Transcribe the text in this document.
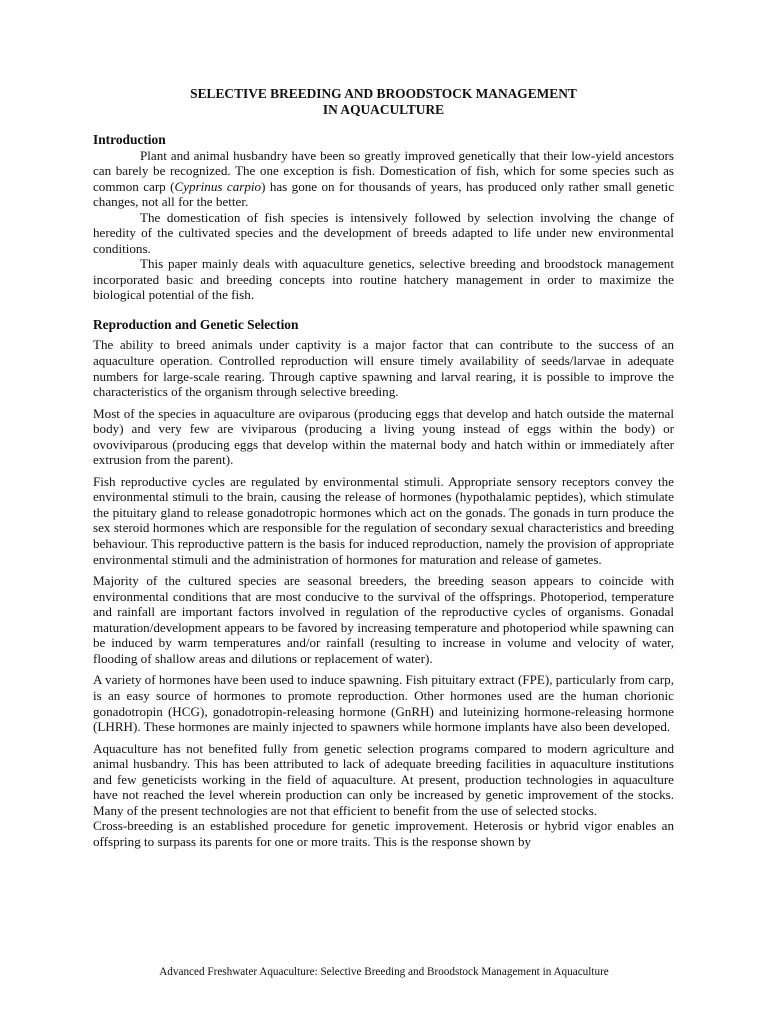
SELECTIVE BREEDING AND BROODSTOCK MANAGEMENT
IN AQUACULTURE
Introduction

Plant and animal husbandry have been so greatly improved genetically that their low-yield ancestors can barely be recognized. The one exception is fish. Domestication of fish, which for some species such as common carp (Cyprinus carpio) has gone on for thousands of years, has produced only rather small genetic changes, not all for the better.

The domestication of fish species is intensively followed by selection involving the change of heredity of the cultivated species and the development of breeds adapted to life under new environmental conditions.

This paper mainly deals with aquaculture genetics, selective breeding and broodstock management incorporated basic and breeding concepts into routine hatchery management in order to maximize the biological potential of the fish.

Reproduction and Genetic Selection

The ability to breed animals under captivity is a major factor that can contribute to the success of an aquaculture operation. Controlled reproduction will ensure timely availability of seeds/larvae in adequate numbers for large-scale rearing. Through captive spawning and larval rearing, it is possible to improve the characteristics of the organism through selective breeding.

Most of the species in aquaculture are oviparous (producing eggs that develop and hatch outside the maternal body) and very few are viviparous (producing a living young instead of eggs within the body) or ovoviviparous (producing eggs that develop within the maternal body and hatch within or immediately after extrusion from the parent).

Fish reproductive cycles are regulated by environmental stimuli. Appropriate sensory receptors convey the environmental stimuli to the brain, causing the release of hormones (hypothalamic peptides), which stimulate the pituitary gland to release gonadotropic hormones which act on the gonads. The gonads in turn produce the sex steroid hormones which are responsible for the regulation of secondary sexual characteristics and breeding behaviour. This reproductive pattern is the basis for induced reproduction, namely the provision of appropriate environmental stimuli and the administration of hormones for maturation and release of gametes.

Majority of the cultured species are seasonal breeders, the breeding season appears to coincide with environmental conditions that are most conducive to the survival of the offsprings. Photoperiod, temperature and rainfall are important factors involved in regulation of the reproductive cycles of organisms. Gonadal maturation/development appears to be favored by increasing temperature and photoperiod while spawning can be induced by warm temperatures and/or rainfall (resulting to increase in volume and velocity of water, flooding of shallow areas and dilutions or replacement of water).

A variety of hormones have been used to induce spawning. Fish pituitary extract (FPE), particularly from carp, is an easy source of hormones to promote reproduction. Other hormones used are the human chorionic gonadotropin (HCG), gonadotropin-releasing hormone (GnRH) and luteinizing hormone-releasing hormone (LHRH). These hormones are mainly injected to spawners while hormone implants have also been developed.

Aquaculture has not benefited fully from genetic selection programs compared to modern agriculture and animal husbandry. This has been attributed to lack of adequate breeding facilities in aquaculture institutions and few geneticists working in the field of aquaculture. At present, production technologies in aquaculture have not reached the level wherein production can only be increased by genetic improvement of the stocks. Many of the present technologies are not that efficient to benefit from the use of selected stocks.

Cross-breeding is an established procedure for genetic improvement. Heterosis or hybrid vigor enables an offspring to surpass its parents for one or more traits. This is the response shown by

Advanced Freshwater Aquaculture: Selective Breeding and Broodstock Management in Aquaculture
